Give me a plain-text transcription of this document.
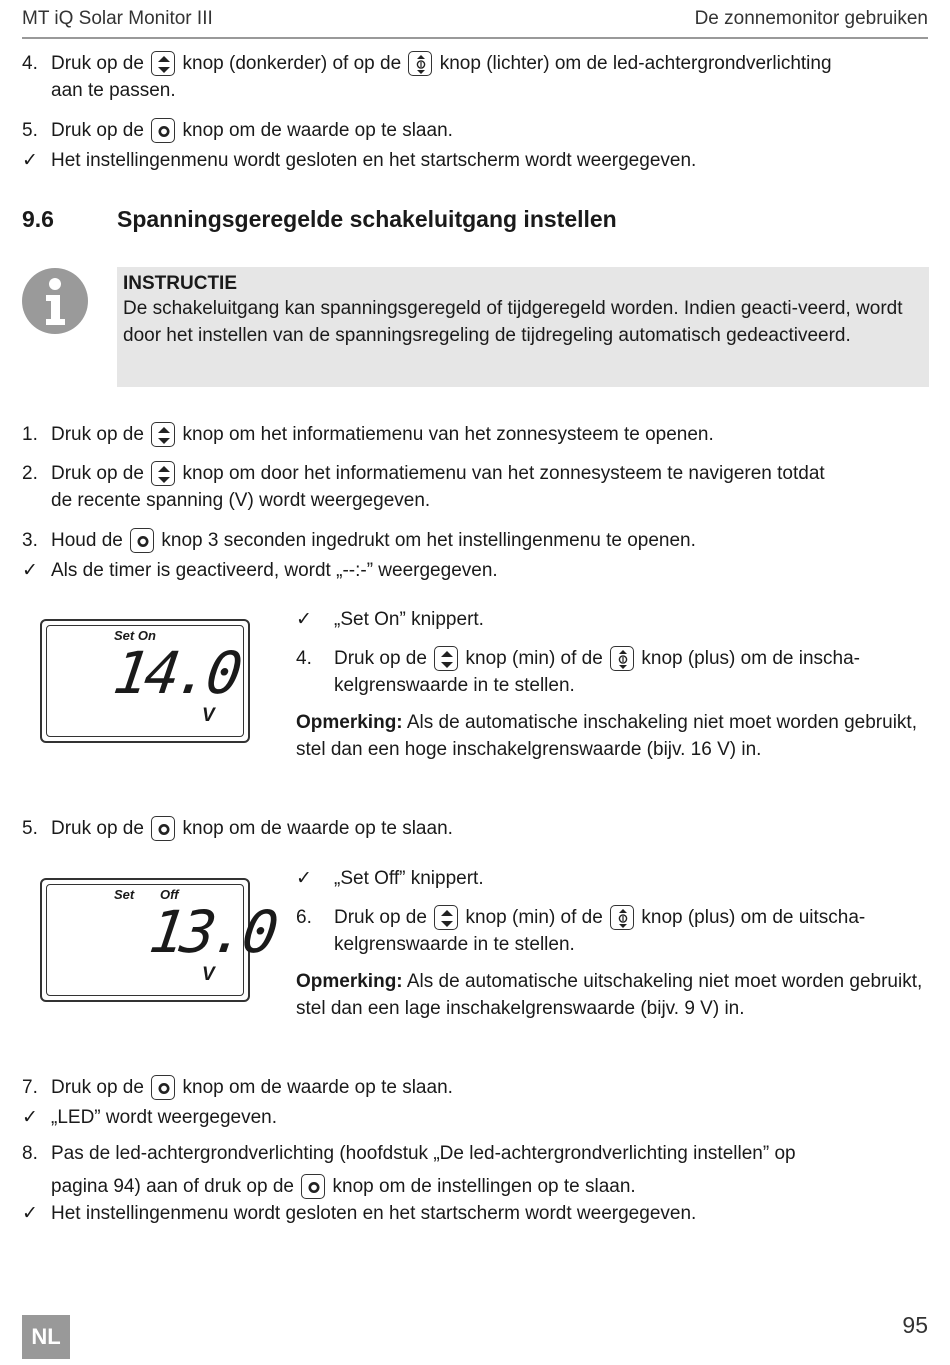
MT iQ Solar Monitor III	De zonnemonitor gebruiken
4. Druk op de knop (donkerder) of op de knop (lichter) om de led-achtergrondverlichting
aan te passen.
5. Druk op de knop om de waarde op te slaan.
✓ Het instellingenmenu wordt gesloten en het startscherm wordt weergegeven.
9.6	Spanningsgeregelde schakeluitgang instellen
INSTRUCTIE
De schakeluitgang kan spanningsgeregeld of tijdgeregeld worden. Indien geacti-veerd, wordt door het instellen van de spanningsregeling de tijdregeling automatisch gedeactiveerd.
1. Druk op de knop om het informatiemenu van het zonnesysteem te openen.
2. Druk op de knop om door het informatiemenu van het zonnesysteem te navigeren totdat
de recente spanning (V) wordt weergegeven.
3. Houd de knop 3 seconden ingedrukt om het instellingenmenu te openen.
✓ Als de timer is geactiveerd, wordt „--:-” weergegeven.
Set On
14.0
V
✓ „Set On” knippert.
4. Druk op de knop (min) of de knop (plus) om de inscha-
kelgrenswaarde in te stellen.
Opmerking: Als de automatische inschakeling niet moet worden gebruikt, stel dan een hoge inschakelgrenswaarde (bijv. 16 V) in.
5. Druk op de knop om de waarde op te slaan.
Set Off
13.0
V
✓ „Set Off” knippert.
6. Druk op de knop (min) of de knop (plus) om de uitscha-
kelgrenswaarde in te stellen.
Opmerking: Als de automatische uitschakeling niet moet worden gebruikt, stel dan een lage inschakelgrenswaarde (bijv. 9 V) in.
7. Druk op de knop om de waarde op te slaan.
✓ „LED” wordt weergegeven.
8. Pas de led-achtergrondverlichting (hoofdstuk „De led-achtergrondverlichting instellen” op
pagina 94) aan of druk op de knop om de instellingen op te slaan.
✓ Het instellingenmenu wordt gesloten en het startscherm wordt weergegeven.
NL	95
